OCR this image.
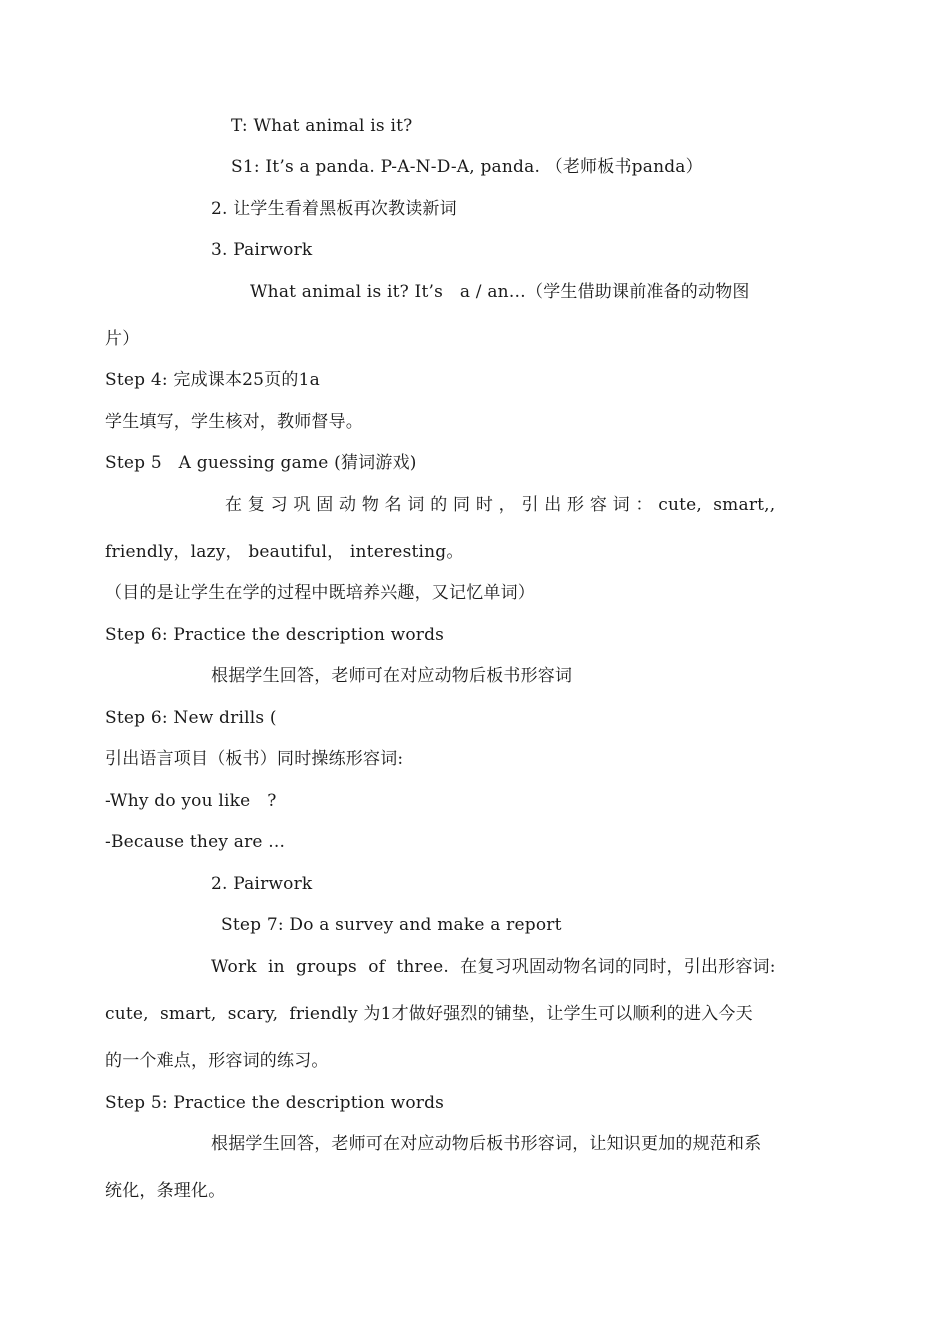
T: What animal is it?
S1: It’s a panda. P-A-N-D-A, panda. （老师板书panda）
2. 让学生看着黑板再次教读新词
3. Pairwork
What animal is it? It’s   a / an…（学生借助课前准备的动物图
片）
Step 4: 完成课本25页的1a
学生填写，学生核对，教师督导。
Step 5   A guessing game (猜词游戏)
在 复 习 巩 固 动 物 名 词 的 同 时 ， 引 出 形 容 词 ： cute,  smart,,
friendly，lazy， beautiful， interesting。
（目的是让学生在学的过程中既培养兴趣，又记忆单词）
Step 6: Practice the description words
根据学生回答，老师可在对应动物后板书形容词
Step 6: New drills (
引出语言项目（板书）同时操练形容词:
-Why do you like   ?
-Because they are ...
2. Pairwork
Step 7: Do a survey and make a report
Work  in  groups  of  three.  在复习巩固动物名词的同时，引出形容词:
cute,  smart,  scary,  friendly 为1才做好强烈的铺垫，让学生可以顺利的进入今天
的一个难点，形容词的练习。
Step 5: Practice the description words
根据学生回答，老师可在对应动物后板书形容词，让知识更加的规范和系
统化，条理化。
